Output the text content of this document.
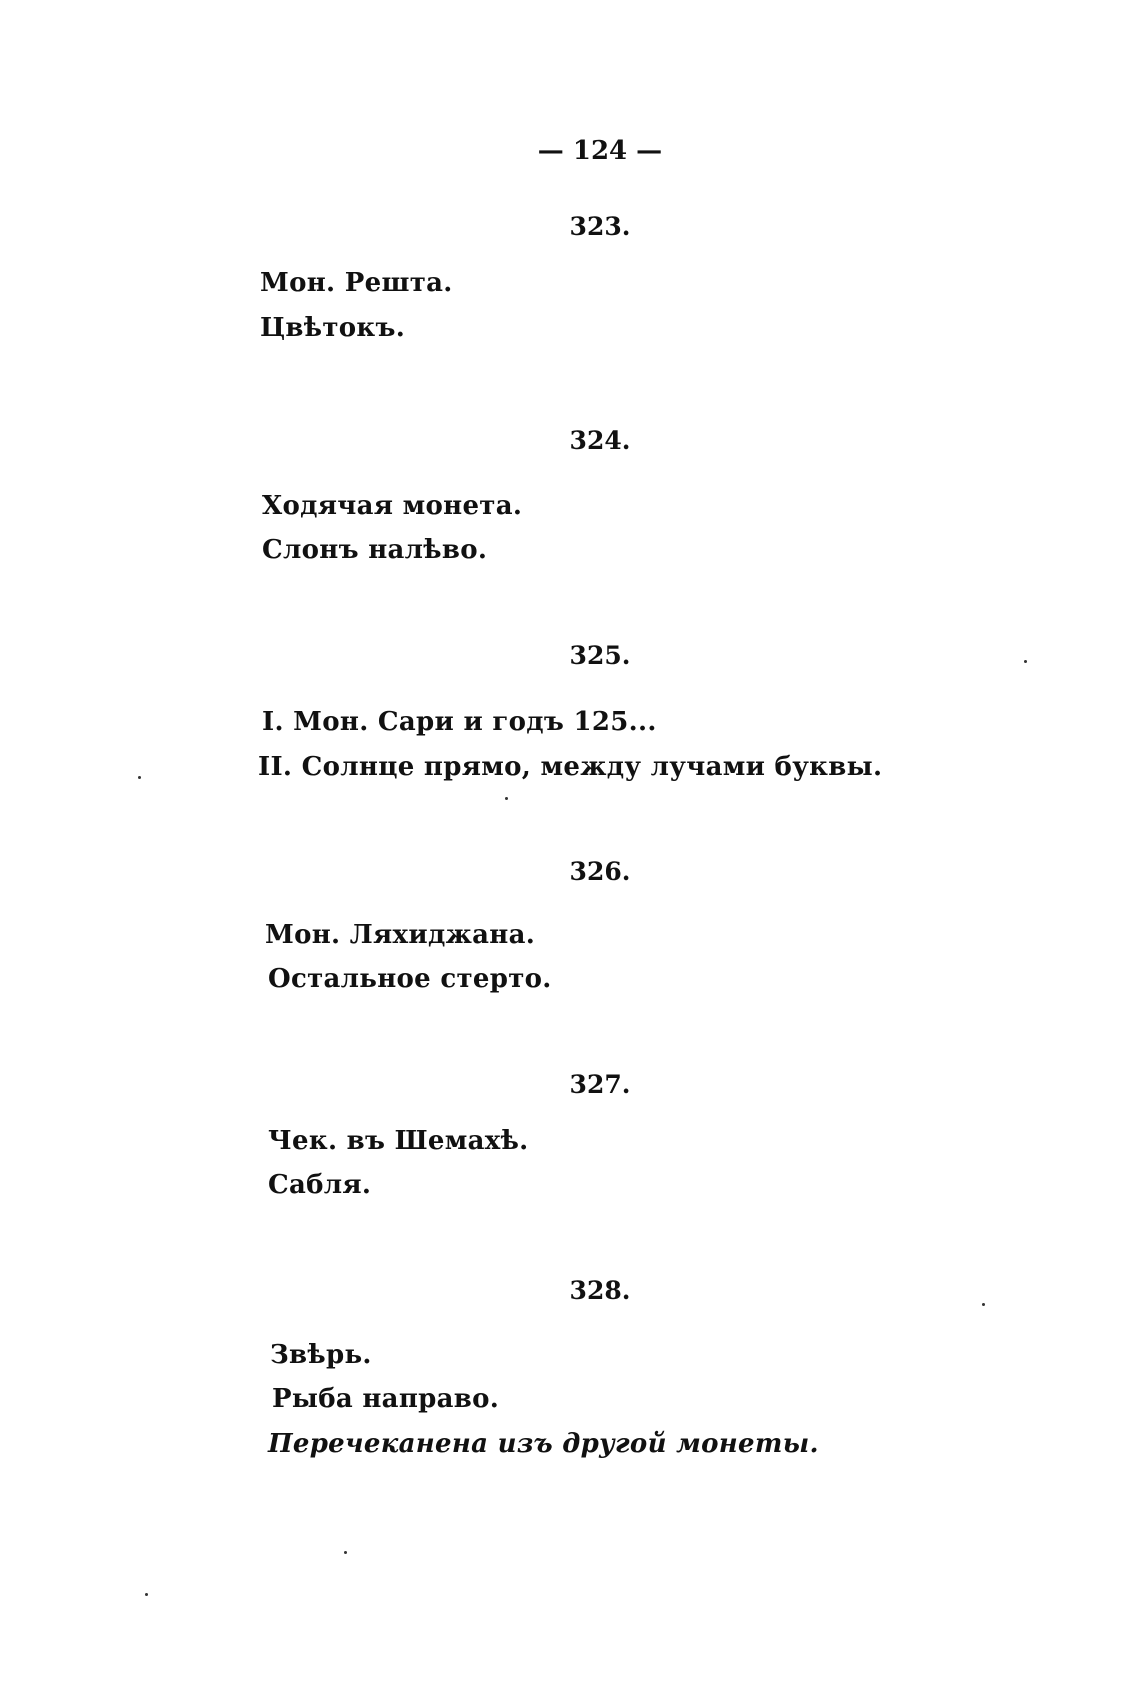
— 124 —
323.
Мон. Решта.
Цвѣтокъ.
324.
Ходячая монета.
Слонъ налѣво.
325.
I. Мон. Сари и годъ 125...
II. Солнце прямо, между лучами буквы.
326.
Мон. Ляхиджана.
Остальное стерто.
327.
Чек. въ Шемахѣ.
Сабля.
328.
Звѣрь.
Рыба направо.
Перечеканена изъ другой монеты.
